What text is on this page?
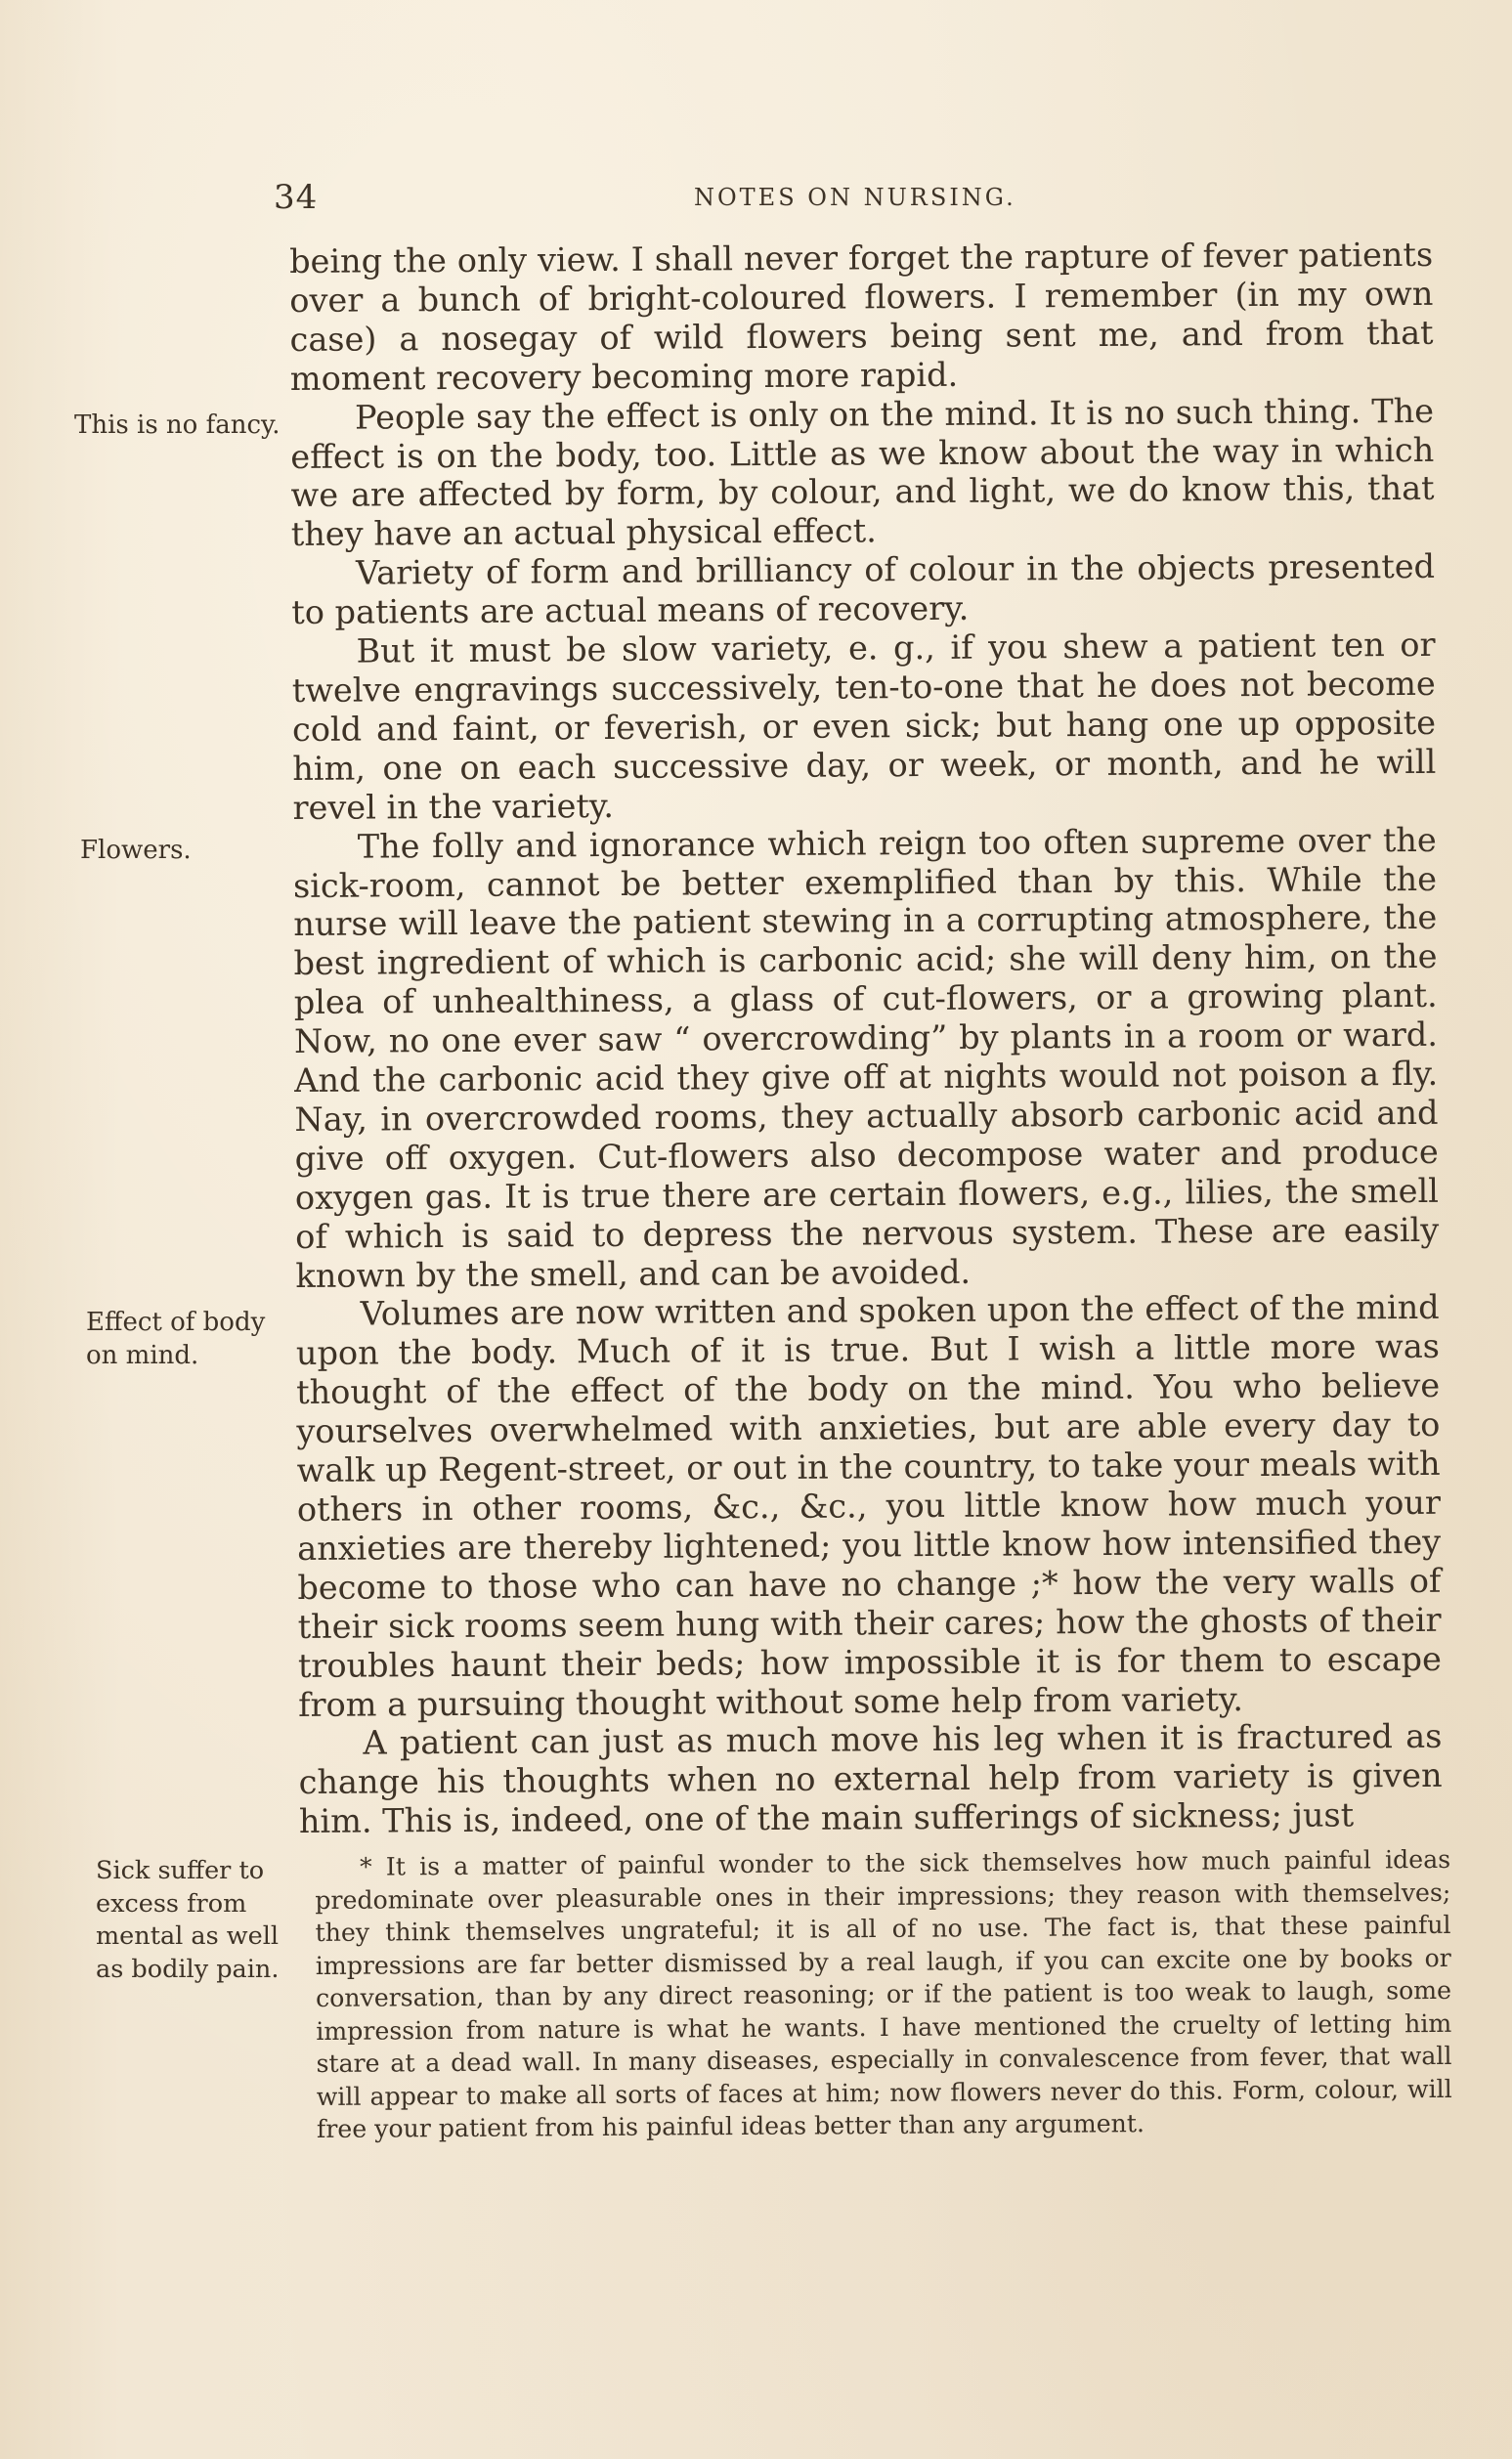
34	NOTES ON NURSING.
This is no fancy.
Flowers.
Effect of body on mind.

being the only view. I shall never forget the rapture of fever patients over a bunch of bright-coloured flowers. I remember (in my own case) a nosegay of wild flowers being sent me, and from that moment recovery becoming more rapid.

People say the effect is only on the mind. It is no such thing. The effect is on the body, too. Little as we know about the way in which we are affected by form, by colour, and light, we do know this, that they have an actual physical effect.

Variety of form and brilliancy of colour in the objects presented to patients are actual means of recovery.

But it must be slow variety, e. g., if you shew a patient ten or twelve engravings successively, ten-to-one that he does not become cold and faint, or feverish, or even sick; but hang one up opposite him, one on each successive day, or week, or month, and he will revel in the variety.

The folly and ignorance which reign too often supreme over the sick-room, cannot be better exemplified than by this. While the nurse will leave the patient stewing in a corrupting atmosphere, the best ingredient of which is carbonic acid; she will deny him, on the plea of unhealthiness, a glass of cut-flowers, or a growing plant. Now, no one ever saw “ overcrowding” by plants in a room or ward. And the carbonic acid they give off at nights would not poison a fly. Nay, in overcrowded rooms, they actually absorb carbonic acid and give off oxygen. Cut-flowers also decompose water and produce oxygen gas. It is true there are certain flowers, e.g., lilies, the smell of which is said to depress the nervous system. These are easily known by the smell, and can be avoided.

Volumes are now written and spoken upon the effect of the mind upon the body. Much of it is true. But I wish a little more was thought of the effect of the body on the mind. You who believe yourselves overwhelmed with anxieties, but are able every day to walk up Regent-street, or out in the country, to take your meals with others in other rooms, &c., &c., you little know how much your anxieties are thereby lightened; you little know how intensified they become to those who can have no change ;* how the very walls of their sick rooms seem hung with their cares; how the ghosts of their troubles haunt their beds; how impossible it is for them to escape from a pursuing thought without some help from variety.

A patient can just as much move his leg when it is fractured as change his thoughts when no external help from variety is given him. This is, indeed, one of the main sufferings of sickness; just

Sick suffer to excess from mental as well as bodily pain.

* It is a matter of painful wonder to the sick themselves how much painful ideas predominate over pleasurable ones in their impressions; they reason with themselves; they think themselves ungrateful; it is all of no use. The fact is, that these painful impressions are far better dismissed by a real laugh, if you can excite one by books or conversation, than by any direct reasoning; or if the patient is too weak to laugh, some impression from nature is what he wants. I have mentioned the cruelty of letting him stare at a dead wall. In many diseases, especially in convalescence from fever, that wall will appear to make all sorts of faces at him; now flowers never do this. Form, colour, will free your patient from his painful ideas better than any argument.
